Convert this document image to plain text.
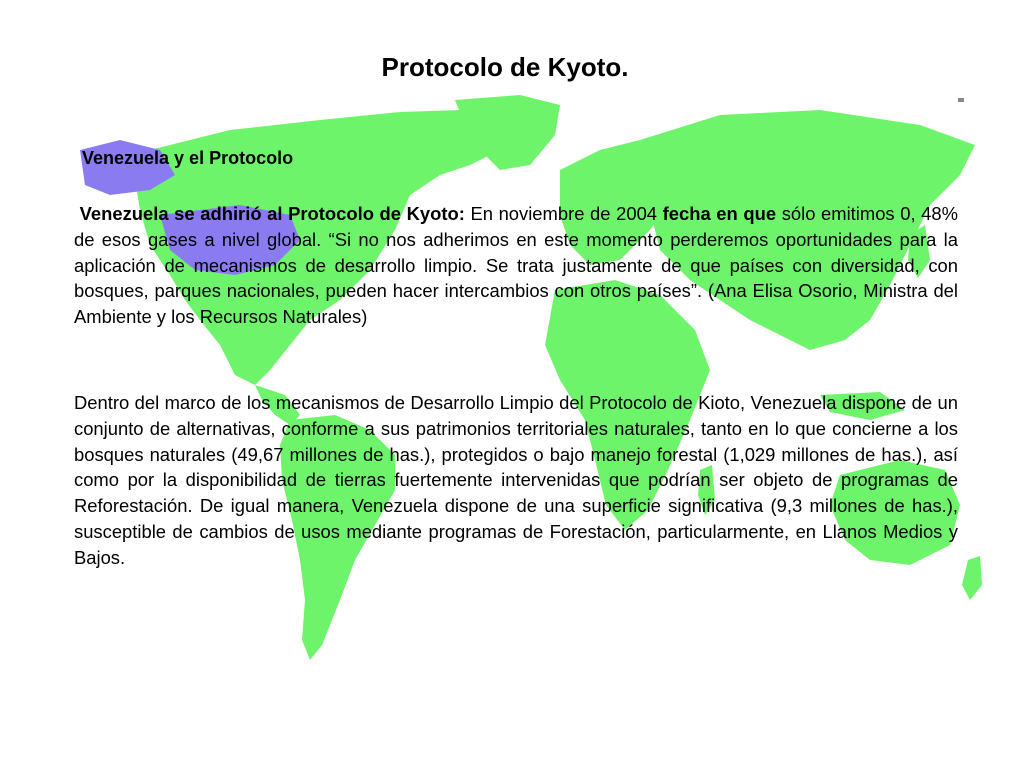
Protocolo de Kyoto.
Venezuela y el Protocolo
Venezuela se adhirió al Protocolo de Kyoto: En noviembre de 2004 fecha en que sólo emitimos 0, 48% de esos gases a nivel global. “Si no nos adherimos en este momento perderemos oportunidades para la aplicación de mecanismos de desarrollo limpio. Se trata justamente de que países con diversidad, con bosques, parques nacionales, pueden hacer intercambios con otros países”. (Ana Elisa Osorio, Ministra del Ambiente y los Recursos Naturales)
Dentro del marco de los mecanismos de Desarrollo Limpio del Protocolo de Kioto, Venezuela dispone de un conjunto de alternativas, conforme a sus patrimonios territoriales naturales, tanto en lo que concierne a los bosques naturales (49,67 millones de has.), protegidos o bajo manejo forestal (1,029 millones de has.), así como por la disponibilidad de tierras fuertemente intervenidas que podrían ser objeto de programas de Reforestación. De igual manera, Venezuela dispone de una superficie significativa (9,3 millones de has.), susceptible de cambios de usos mediante programas de Forestación, particularmente, en Llanos Medios y Bajos.
